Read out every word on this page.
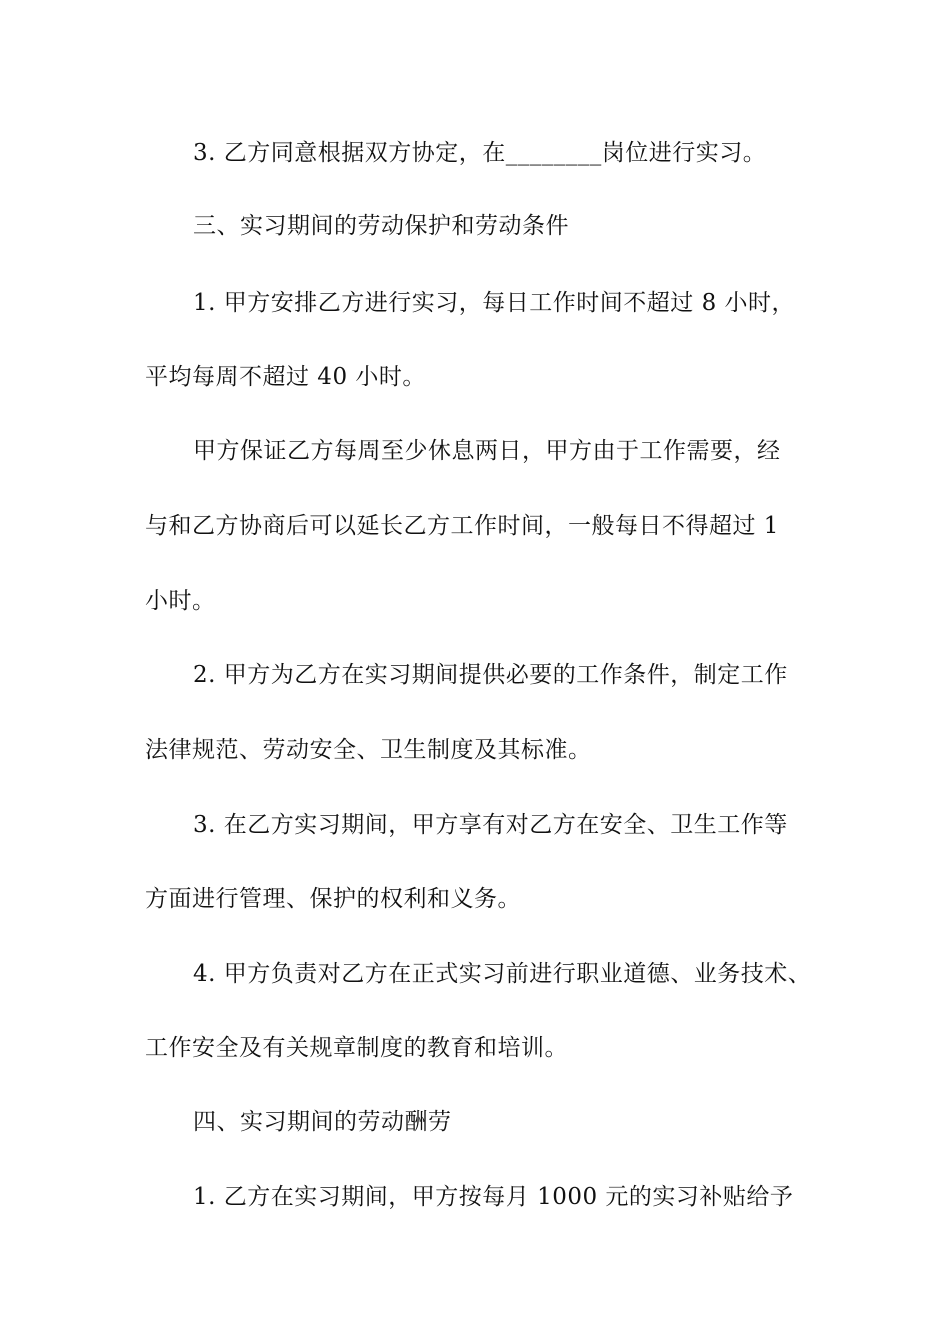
3. 乙方同意根据双方协定，在________岗位进行实习。
三、实习期间的劳动保护和劳动条件
1. 甲方安排乙方进行实习，每日工作时间不超过 8 小时，
平均每周不超过 40 小时。
甲方保证乙方每周至少休息两日，甲方由于工作需要，经
与和乙方协商后可以延长乙方工作时间，一般每日不得超过 1
小时。
2. 甲方为乙方在实习期间提供必要的工作条件，制定工作
法律规范、劳动安全、卫生制度及其标准。
3. 在乙方实习期间，甲方享有对乙方在安全、卫生工作等
方面进行管理、保护的权利和义务。
4. 甲方负责对乙方在正式实习前进行职业道德、业务技术、
工作安全及有关规章制度的教育和培训。
四、实习期间的劳动酬劳
1. 乙方在实习期间，甲方按每月 1000 元的实习补贴给予
